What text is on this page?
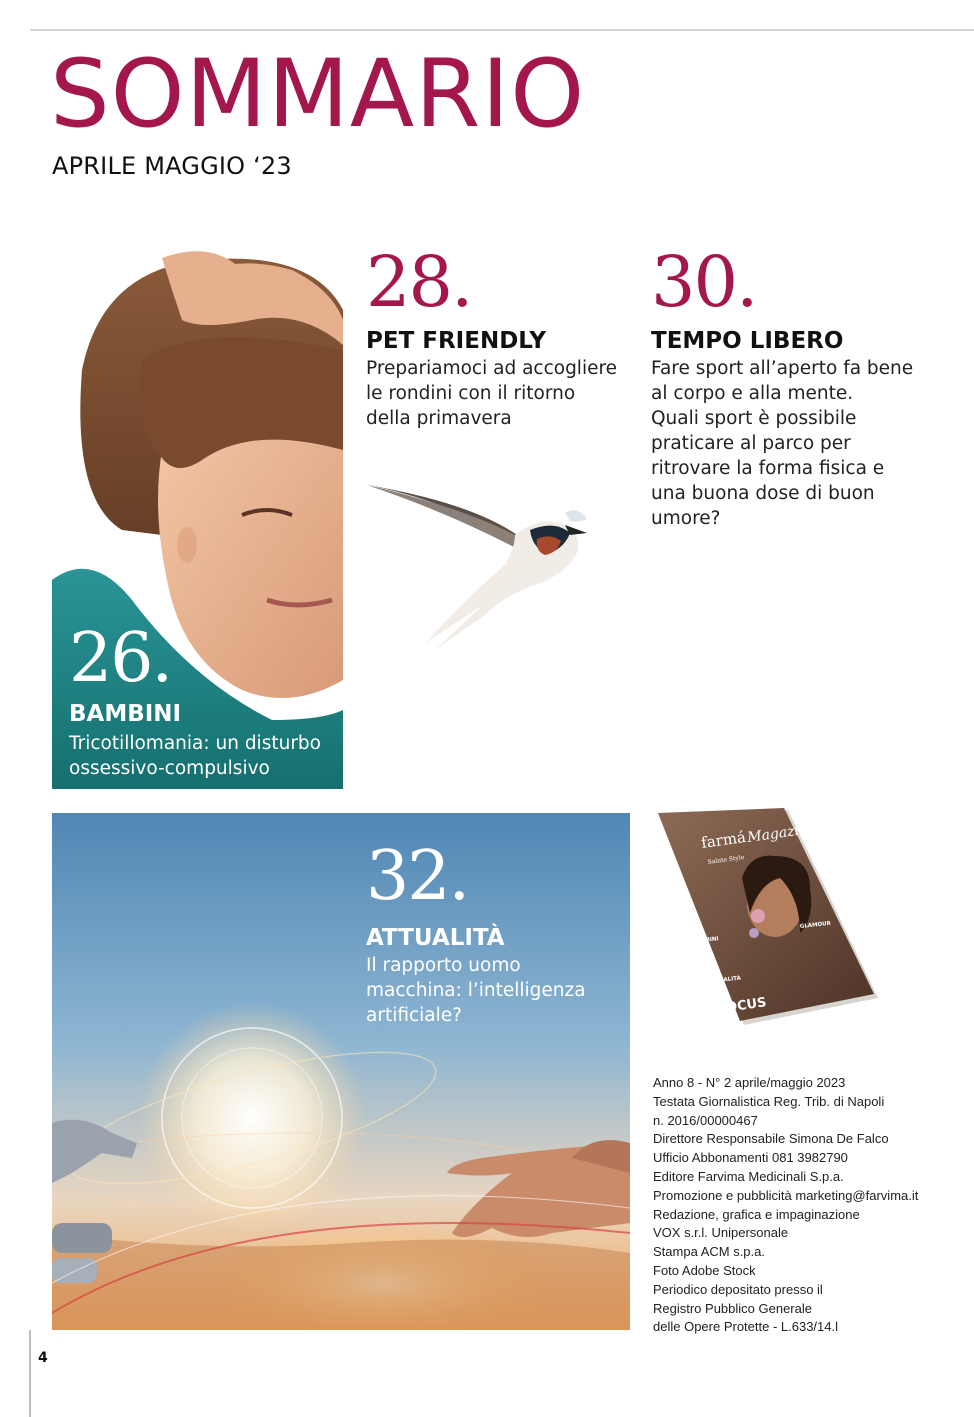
SOMMARIO
APRILE MAGGIO ‘23
26.
BAMBINI
Tricotillomania: un disturbo ossessivo-compulsivo
28.
PET FRIENDLY
Prepariamoci ad accogliere
le rondini con il ritorno
della primavera
30.
TEMPO LIBERO
Fare sport all’aperto fa bene
al corpo e alla mente.
Quali sport è possibile
praticare al parco per
ritrovare la forma fisica e
una buona dose di buon
umore?
32.
ATTUALITÀ
Il rapporto uomo
macchina: l’intelligenza
artificiale?
farmá Magazine
Salute Style
BAMBINI
ATTUALITÀ
GLAMOUR
FOCUS
Anno 8 - N° 2 aprile/maggio 2023
Testata Giornalistica Reg. Trib. di Napoli
n. 2016/00000467
Direttore Responsabile Simona De Falco
Ufficio Abbonamenti 081 3982790
Editore Farvima Medicinali S.p.a.
Promozione e pubblicità marketing@farvima.it
Redazione, grafica e impaginazione
VOX s.r.l. Unipersonale
Stampa ACM s.p.a.
Foto Adobe Stock
Periodico depositato presso il
Registro Pubblico Generale
delle Opere Protette - L.633/14.l
4
